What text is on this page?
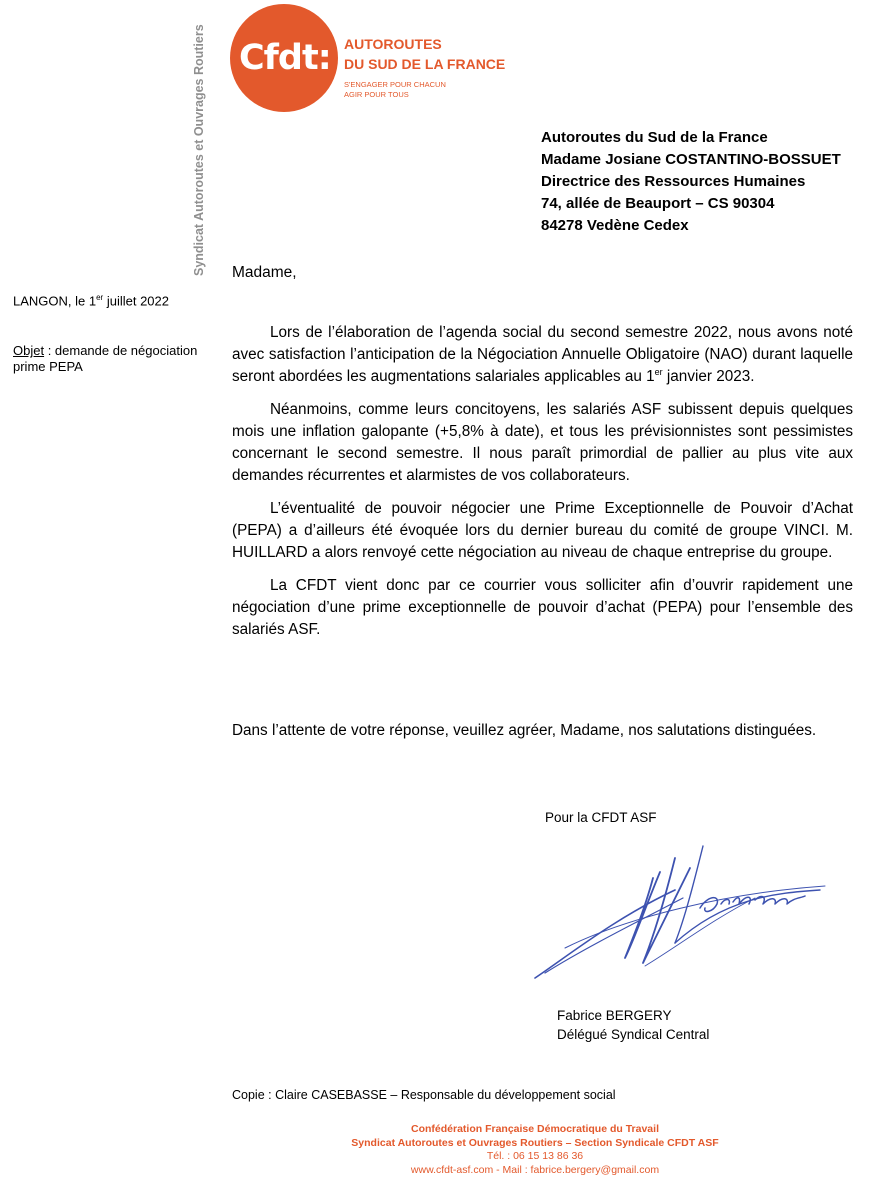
Cfdt: AUTOROUTES
DU SUD DE LA FRANCE
S'ENGAGER POUR CHACUN
AGIR POUR TOUS
Syndicat Autoroutes et Ouvrages Routiers	Autoroutes du Sud de la France
Madame Josiane COSTANTINO-BOSSUET
Directrice des Ressources Humaines
74, allée de Beauport – CS 90304
84278 Vedène Cedex
Madame,
LANGON, le 1er juillet 2022
Objet : demande de négociation prime PEPA

Lors de l’élaboration de l’agenda social du second semestre 2022, nous avons noté avec satisfaction l’anticipation de la Négociation Annuelle Obligatoire (NAO) durant laquelle seront abordées les augmentations salariales applicables au 1er janvier 2023.

Néanmoins, comme leurs concitoyens, les salariés ASF subissent depuis quelques mois une inflation galopante (+5,8% à date), et tous les prévisionnistes sont pessimistes concernant le second semestre. Il nous paraît primordial de pallier au plus vite aux demandes récurrentes et alarmistes de vos collaborateurs.

L’éventualité de pouvoir négocier une Prime Exceptionnelle de Pouvoir d’Achat (PEPA) a d’ailleurs été évoquée lors du dernier bureau du comité de groupe VINCI. M. HUILLARD a alors renvoyé cette négociation au niveau de chaque entreprise du groupe.

La CFDT vient donc par ce courrier vous solliciter afin d’ouvrir rapidement une négociation d’une prime exceptionnelle de pouvoir d’achat (PEPA) pour l’ensemble des salariés ASF.

Dans l’attente de votre réponse, veuillez agréer, Madame, nos salutations distinguées.
Pour la CFDT ASF
Fabrice BERGERY
Délégué Syndical Central
Copie : Claire CASEBASSE – Responsable du développement social
Confédération Française Démocratique du Travail
Syndicat Autoroutes et Ouvrages Routiers – Section Syndicale CFDT ASF
Tél. : 06 15 13 86 36
www.cfdt-asf.com - Mail : fabrice.bergery@gmail.com
